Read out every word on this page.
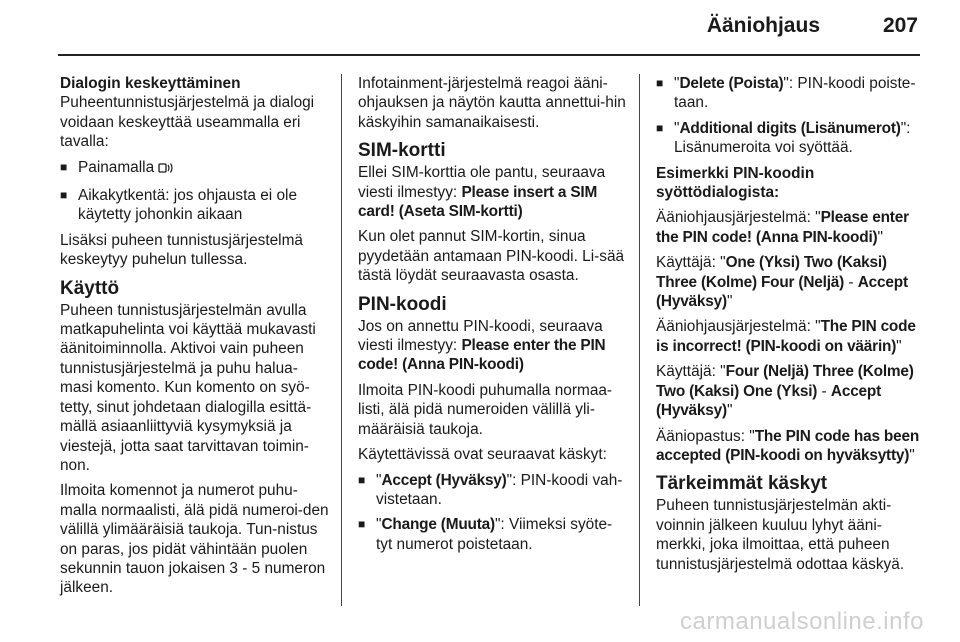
Ääniohjaus	207

Dialogin keskeyttäminen

Puheentunnistusjärjestelmä ja dialogi voidaan keskeyttää useammalla eri tavalla:

■ Painamalla
■ Aikakytkentä: jos ohjausta ei ole käytetty johonkin aikaan

Lisäksi puheen tunnistusjärjestelmä keskeytyy puhelun tullessa.

Käyttö

Puheen tunnistusjärjestelmän avulla matkapuhelinta voi käyttää mukavasti äänitoiminnolla. Aktivoi vain puheen tunnistusjärjestelmä ja puhu halua-masi komento. Kun komento on syö-tetty, sinut johdetaan dialogilla esittä-mällä asiaanliittyviä kysymyksiä ja viestejä, jotta saat tarvittavan toimin-non.

Ilmoita komennot ja numerot puhu-malla normaalisti, älä pidä numeroi-den välillä ylimääräisiä taukoja. Tun-nistus on paras, jos pidät vähintään puolen sekunnin tauon jokaisen 3 - 5 numeron jälkeen.

Infotainment-järjestelmä reagoi ääni-ohjauksen ja näytön kautta annettui-hin käskyihin samanaikaisesti.

SIM-kortti

Ellei SIM-korttia ole pantu, seuraava viesti ilmestyy: Please insert a SIM card! (Aseta SIM-kortti)

Kun olet pannut SIM-kortin, sinua pyydetään antamaan PIN-koodi. Li-sää tästä löydät seuraavasta osasta.

PIN-koodi

Jos on annettu PIN-koodi, seuraava viesti ilmestyy: Please enter the PIN code! (Anna PIN-koodi)

Ilmoita PIN-koodi puhumalla normaa-listi, älä pidä numeroiden välillä yli-määräisiä taukoja.

Käytettävissä ovat seuraavat käskyt:

■ "Accept (Hyväksy)": PIN-koodi vah-vistetaan.
■ "Change (Muuta)": Viimeksi syöte-tyt numerot poistetaan.
■ "Delete (Poista)": PIN-koodi poiste-taan.
■ "Additional digits (Lisänumerot)": Lisänumeroita voi syöttää.

Esimerkki PIN-koodin syöttödialogista:

Ääniohjausjärjestelmä: "Please enter the PIN code! (Anna PIN-koodi)"

Käyttäjä: "One (Yksi) Two (Kaksi) Three (Kolme) Four (Neljä) - Accept (Hyväksy)"

Ääniohjausjärjestelmä: "The PIN code is incorrect! (PIN-koodi on väärin)"

Käyttäjä: "Four (Neljä) Three (Kolme) Two (Kaksi) One (Yksi) - Accept (Hyväksy)"

Ääniopastus: "The PIN code has been accepted (PIN-koodi on hyväksytty)"

Tärkeimmät käskyt

Puheen tunnistusjärjestelmän akti-voinnin jälkeen kuuluu lyhyt ääni-merkki, joka ilmoittaa, että puheen tunnistusjärjestelmä odottaa käskyä.

carmanualsonline.info
